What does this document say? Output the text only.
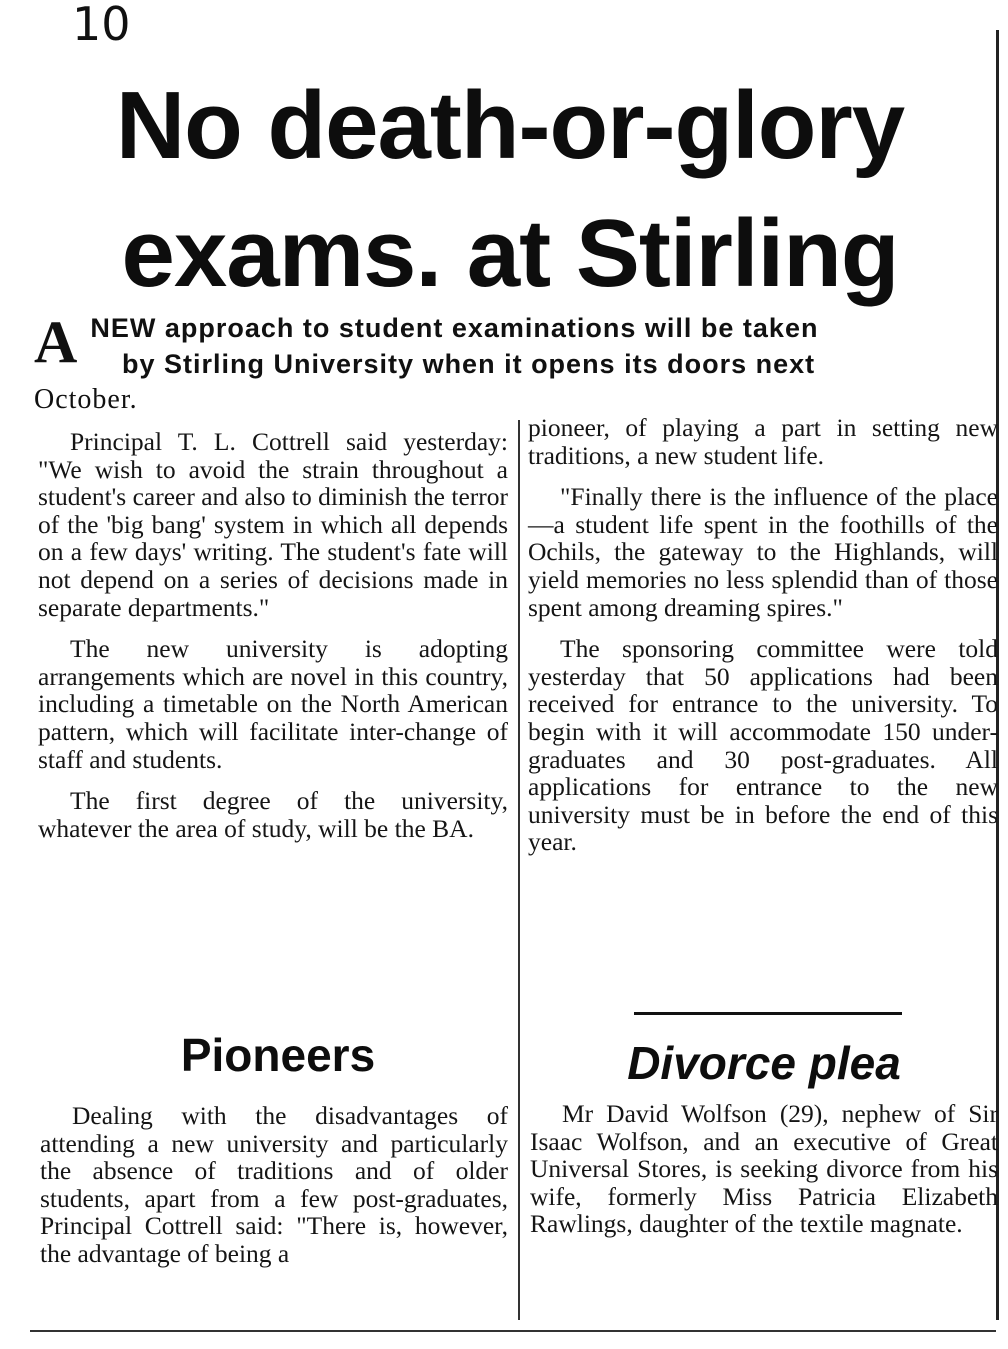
10
No death-or-glory
exams. at Stirling
A NEW approach to student examinations will be taken
by Stirling University when it opens its doors next
October.

Principal T. L. Cottrell said yesterday: "We wish to avoid the strain throughout a student's career and also to diminish the terror of the 'big bang' system in which all depends on a few days' writing. The student's fate will not depend on a series of decisions made in separate departments."

The new university is adopting arrangements which are novel in this country, including a timetable on the North American pattern, which will facilitate inter-change of staff and students.

The first degree of the university, whatever the area of study, will be the BA.

pioneer, of playing a part in setting new traditions, a new student life.

"Finally there is the influence of the place—a student life spent in the foothills of the Ochils, the gateway to the Highlands, will yield memories no less splendid than of those spent among dreaming spires."

The sponsoring committee were told yesterday that 50 applications had been received for entrance to the university. To begin with it will accommodate 150 under-graduates and 30 post-graduates. All applications for entrance to the new university must be in before the end of this year.

Pioneers

Dealing with the disadvantages of attending a new university and particularly the absence of traditions and of older students, apart from a few post-graduates, Principal Cottrell said: "There is, however, the advantage of being a

Divorce plea

Mr David Wolfson (29), nephew of Sir Isaac Wolfson, and an executive of Great Universal Stores, is seeking divorce from his wife, formerly Miss Patricia Elizabeth Rawlings, daughter of the textile magnate.
